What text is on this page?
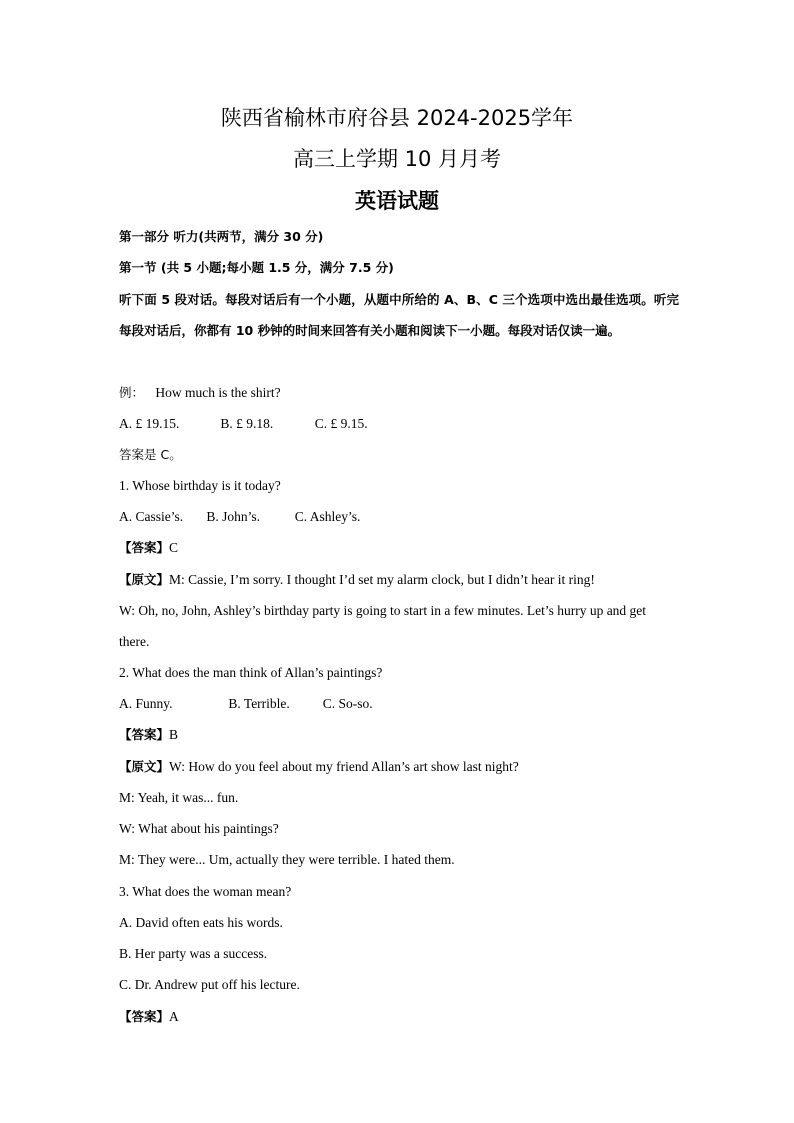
陕西省榆林市府谷县 2024-2025学年
高三上学期 10 月月考
英语试题
第一部分 听力(共两节，满分 30 分)
第一节 (共 5 小题;每小题 1.5 分，满分 7.5 分)
听下面 5 段对话。每段对话后有一个小题，从题中所给的 A、B、C 三个选项中选出最佳选项。听完每段对话后，你都有 10 秒钟的时间来回答有关小题和阅读下一小题。每段对话仅读一遍。
例： How much is the shirt?
A. £ 19.15.	B. £ 9.18.	C. £ 9.15.
答案是 C。
1. Whose birthday is it today?
A. Cassie’s. B. John’s.	C. Ashley’s.
【答案】C
【原文】M: Cassie, I’m sorry. I thought I’d set my alarm clock, but I didn’t hear it ring!
W: Oh, no, John, Ashley’s birthday party is going to start in a few minutes. Let’s hurry up and get
there.
2. What does the man think of Allan’s paintings?
A. Funny.	B. Terrible. C. So-so.
【答案】B
【原文】W: How do you feel about my friend Allan’s art show last night?
M: Yeah, it was... fun.
W: What about his paintings?
M: They were... Um, actually they were terrible. I hated them.
3. What does the woman mean?
A. David often eats his words.
B. Her party was a success.
C. Dr. Andrew put off his lecture.
【答案】A
